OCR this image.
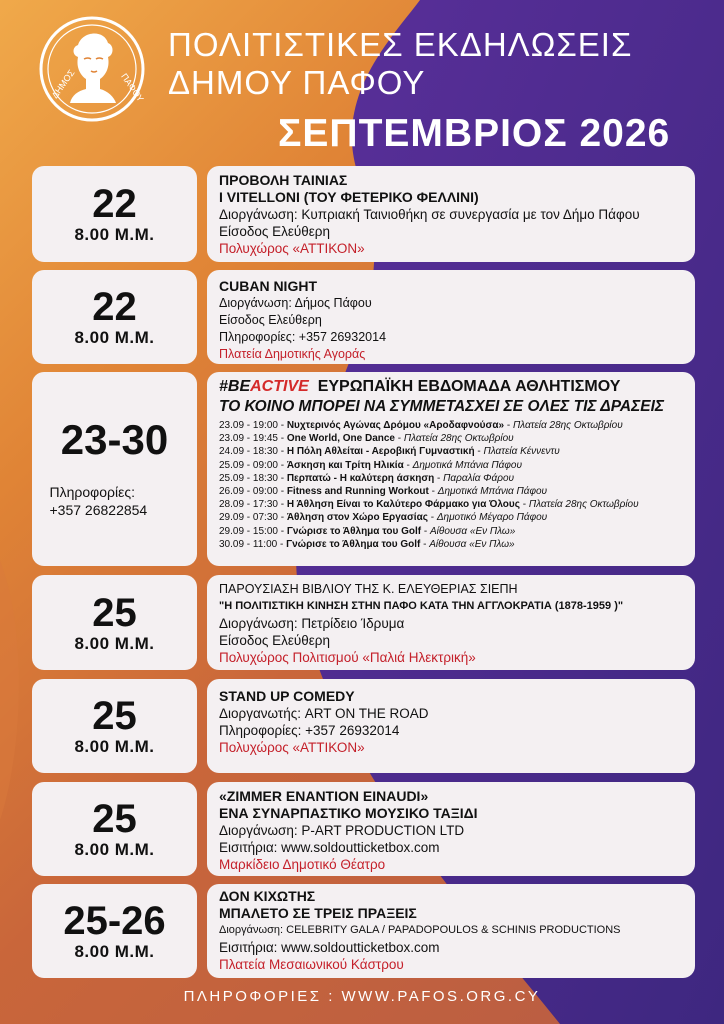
ΔΗΜΟΣ	ΠΑΦΟΥ
ΠΟΛΙΤΙΣΤΙΚΕΣ ΕΚΔΗΛΩΣΕΙΣ
ΔΗΜΟΥ ΠΑΦΟΥ
ΣΕΠΤΕΜΒΡΙΟΣ 2026
22
8.00 Μ.Μ.
ΠΡΟΒΟΛΗ ΤΑΙΝΙΑΣ
I VITELLONI (ΤΟΥ ΦΕΤΕΡΙΚΟ ΦΕΛΛΙΝΙ)
Διοργάνωση: Κυπριακή Ταινιοθήκη σε συνεργασία με τον Δήμο Πάφου
Είσοδος Ελεύθερη
Πολυχώρος «ΑΤΤΙΚΟΝ»
22
8.00 Μ.Μ.
CUBAN NIGHT
Διοργάνωση: Δήμος Πάφου
Είσοδος Ελεύθερη
Πληροφορίες: +357 26932014
Πλατεία Δημοτικής Αγοράς
23-30
Πληροφορίες:
+357 26822854
#BEACTIVE ΕΥΡΩΠΑΪΚΗ ΕΒΔΟΜΑΔΑ ΑΘΛΗΤΙΣΜΟΥ
ΤΟ ΚΟΙΝΟ ΜΠΟΡΕΙ ΝΑ ΣΥΜΜΕΤΑΣΧΕΙ ΣΕ ΟΛΕΣ ΤΙΣ ΔΡΑΣΕΙΣ
23.09 - 19:00 - Νυχτερινός Αγώνας Δρόμου «Αροδαφνούσα» - Πλατεία 28ης Οκτωβρίου
23.09 - 19:45 - One World, One Dance - Πλατεία 28ης Οκτωβρίου
24.09 - 18:30 - Η Πόλη Αθλείται - Αεροβική Γυμναστική - Πλατεία Κέννεντυ
25.09 - 09:00 - Άσκηση και Τρίτη Ηλικία - Δημοτικά Μπάνια Πάφου
25.09 - 18:30 - Περπατώ - Η καλύτερη άσκηση - Παραλία Φάρου
26.09 - 09:00 - Fitness and Running Workout - Δημοτικά Μπάνια Πάφου
28.09 - 17:30 - Η Άθληση Είναι το Καλύτερο Φάρμακο για Όλους - Πλατεία 28ης Οκτωβρίου
29.09 - 07:30 - Άθληση στον Χώρο Εργασίας - Δημοτικό Μέγαρο Πάφου
29.09 - 15:00 - Γνώρισε το Άθλημα του Golf - Αίθουσα «Εν Πλω»
30.09 - 11:00 - Γνώρισε το Άθλημα του Golf - Αίθουσα «Εν Πλω»
25
8.00 Μ.Μ.
ΠΑΡΟΥΣΙΑΣΗ ΒΙΒΛΙΟΥ ΤΗΣ Κ. ΕΛΕΥΘΕΡΙΑΣ ΣΙΕΠΗ
"Η ΠΟΛΙΤΙΣΤΙΚΗ ΚΙΝΗΣΗ ΣΤΗΝ ΠΑΦΟ ΚΑΤΑ ΤΗΝ ΑΓΓΛΟΚΡΑΤΙΑ (1878-1959 )"
Διοργάνωση: Πετρίδειο Ίδρυμα
Είσοδος Ελεύθερη
Πολυχώρος Πολιτισμού «Παλιά Ηλεκτρική»
25
8.00 Μ.Μ.
STAND UP COMEDY
Διοργανωτής: ART ON THE ROAD
Πληροφορίες: +357 26932014
Πολυχώρος «ΑΤΤΙΚΟΝ»
25
8.00 Μ.Μ.
«ZIMMER ΕΝΑΝΤΙΟΝ EINAUDI»
ΕΝΑ ΣΥΝΑΡΠΑΣΤΙΚΟ ΜΟΥΣΙΚΟ ΤΑΞΙΔΙ
Διοργάνωση: P-ART PRODUCTION LTD
Εισιτήρια: www.soldoutticketbox.com
Μαρκίδειο Δημοτικό Θέατρο
25-26
8.00 Μ.Μ.
ΔΟΝ ΚΙΧΩΤΗΣ
ΜΠΑΛΕΤΟ ΣΕ ΤΡΕΙΣ ΠΡΑΞΕΙΣ
Διοργάνωση: CELEBRITY GALA / PAPADOPOULOS & SCHINIS PRODUCTIONS
Εισιτήρια: www.soldoutticketbox.com
Πλατεία Μεσαιωνικού Κάστρου
ΠΛΗΡΟΦΟΡΙΕΣ : WWW.PAFOS.ORG.CY
